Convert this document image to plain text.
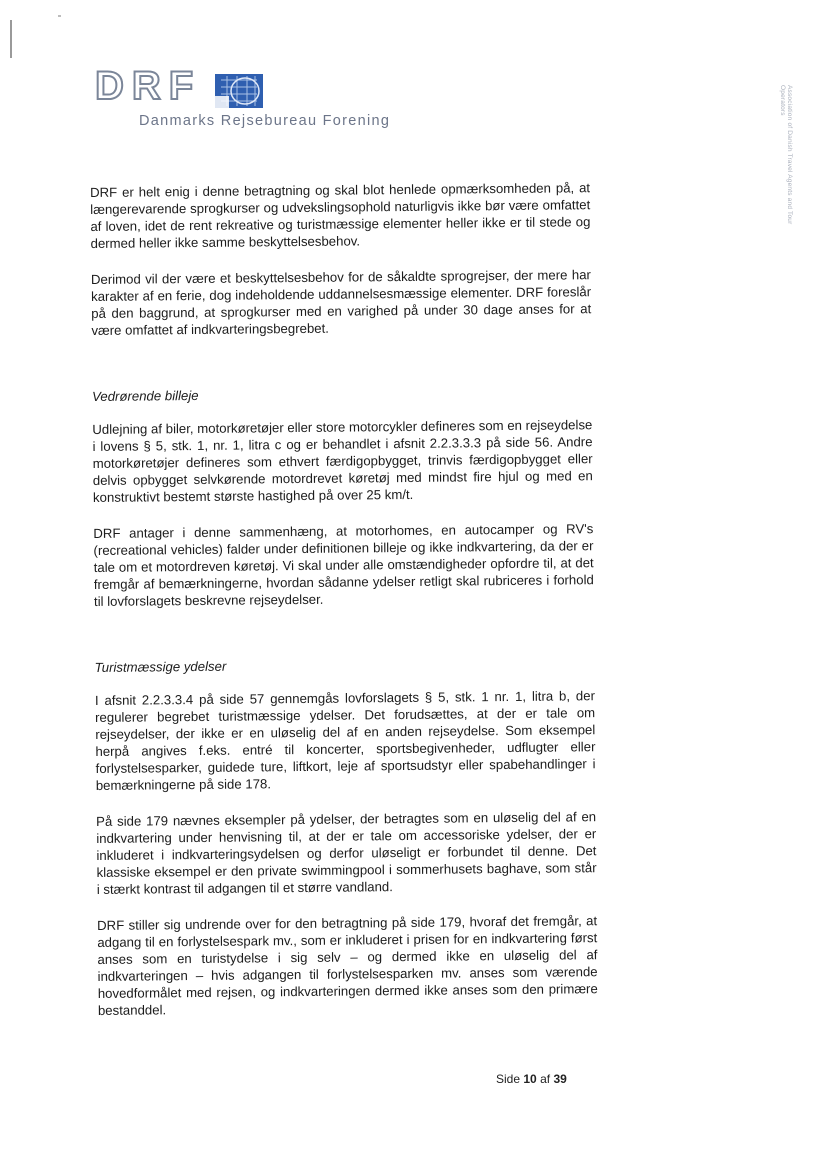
DRF
Danmarks Rejsebureau Forening	Association of Danish Travel Agents and Tour Operators

DRF er helt enig i denne betragtning og skal blot henlede opmærksomheden på, at længerevarende sprogkurser og udvekslingsophold naturligvis ikke bør være omfattet af loven, idet de rent rekreative og turistmæssige elementer heller ikke er til stede og dermed heller ikke samme beskyttelsesbehov.

Derimod vil der være et beskyttelsesbehov for de såkaldte sprogrejser, der mere har karakter af en ferie, dog indeholdende uddannelsesmæssige elementer. DRF foreslår på den baggrund, at sprogkurser med en varighed på under 30 dage anses for at være omfattet af indkvarteringsbegrebet.

Vedrørende billeje

Udlejning af biler, motorkøretøjer eller store motorcykler defineres som en rejseydelse i lovens § 5, stk. 1, nr. 1, litra c og er behandlet i afsnit 2.2.3.3.3 på side 56. Andre motorkøretøjer defineres som ethvert færdigopbygget, trinvis færdigopbygget eller delvis opbygget selvkørende motordrevet køretøj med mindst fire hjul og med en konstruktivt bestemt største hastighed på over 25 km/t.

DRF antager i denne sammenhæng, at motorhomes, en autocamper og RV's (recreational vehicles) falder under definitionen billeje og ikke indkvartering, da der er tale om et motordreven køretøj. Vi skal under alle omstændigheder opfordre til, at det fremgår af bemærkningerne, hvordan sådanne ydelser retligt skal rubriceres i forhold til lovforslagets beskrevne rejseydelser.

Turistmæssige ydelser

I afsnit 2.2.3.3.4 på side 57 gennemgås lovforslagets § 5, stk. 1 nr. 1, litra b, der regulerer begrebet turistmæssige ydelser. Det forudsættes, at der er tale om rejseydelser, der ikke er en uløselig del af en anden rejseydelse. Som eksempel herpå angives f.eks. entré til koncerter, sportsbegivenheder, udflugter eller forlystelsesparker, guidede ture, liftkort, leje af sportsudstyr eller spabehandlinger i bemærkningerne på side 178.

På side 179 nævnes eksempler på ydelser, der betragtes som en uløselig del af en indkvartering under henvisning til, at der er tale om accessoriske ydelser, der er inkluderet i indkvarteringsydelsen og derfor uløseligt er forbundet til denne. Det klassiske eksempel er den private swimmingpool i sommerhusets baghave, som står i stærkt kontrast til adgangen til et større vandland.

DRF stiller sig undrende over for den betragtning på side 179, hvoraf det fremgår, at adgang til en forlystelsespark mv., som er inkluderet i prisen for en indkvartering først anses som en turistydelse i sig selv – og dermed ikke en uløselig del af indkvarteringen – hvis adgangen til forlystelsesparken mv. anses som værende hovedformålet med rejsen, og indkvarteringen dermed ikke anses som den primære bestanddel.

Side 10 af 39
